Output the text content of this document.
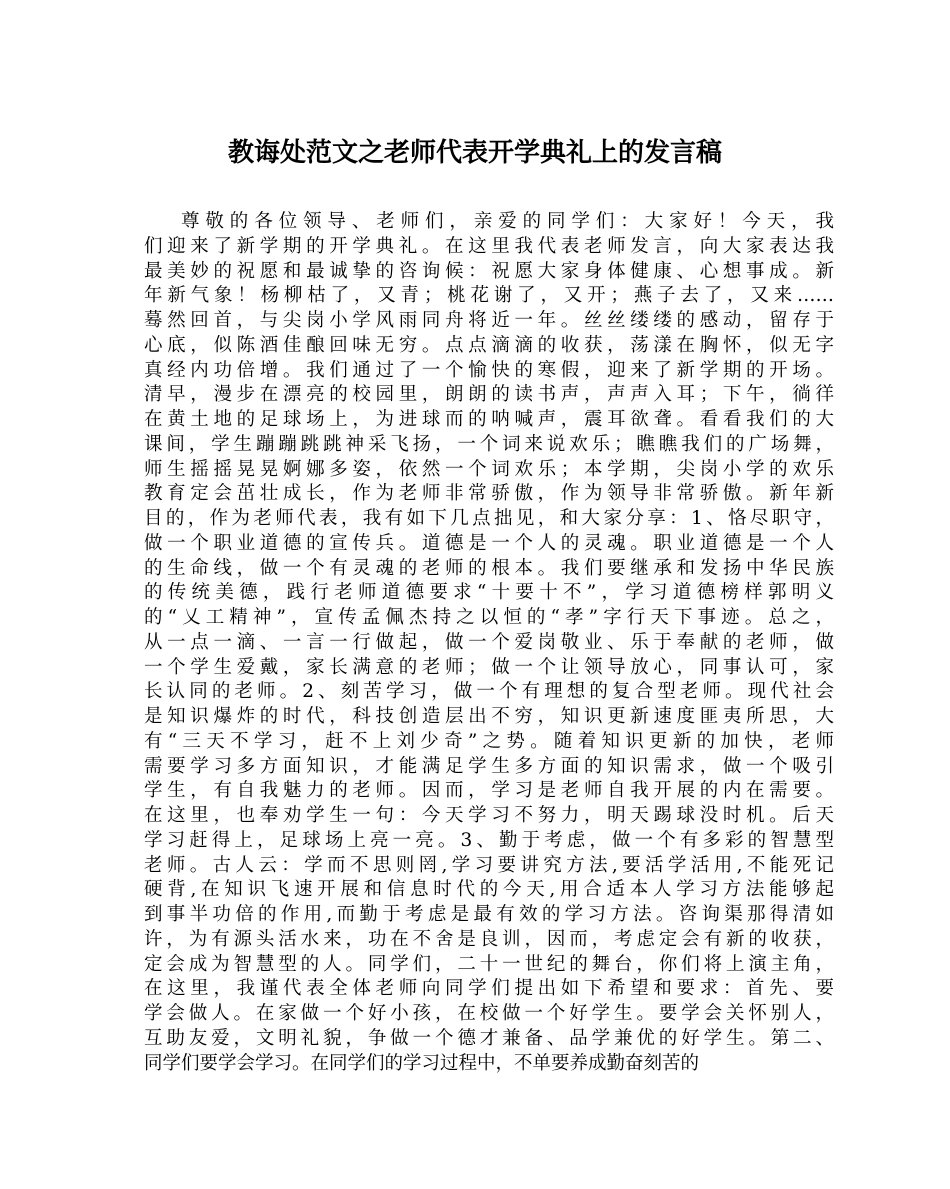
教诲处范文之老师代表开学典礼上的发言稿
尊敬的各位领导、老师们，亲爱的同学们：大家好！今天，我
们迎来了新学期的开学典礼。在这里我代表老师发言，向大家表达我
最美妙的祝愿和最诚挚的咨询候：祝愿大家身体健康、心想事成。新
年新气象！杨柳枯了，又青；桃花谢了，又开；燕子去了，又来……
蓦然回首，与尖岗小学风雨同舟将近一年。丝丝缕缕的感动，留存于
心底，似陈酒佳酿回味无穷。点点滴滴的收获，荡漾在胸怀，似无字
真经内功倍增。我们通过了一个愉快的寒假，迎来了新学期的开场。
清早，漫步在漂亮的校园里，朗朗的读书声，声声入耳；下午，徜徉
在黄土地的足球场上，为进球而的呐喊声，震耳欲聋。看看我们的大
课间，学生蹦蹦跳跳神采飞扬，一个词来说欢乐；瞧瞧我们的广场舞，
师生摇摇晃晃婀娜多姿，依然一个词欢乐；本学期，尖岗小学的欢乐
教育定会茁壮成长，作为老师非常骄傲，作为领导非常骄傲。新年新
目的，作为老师代表，我有如下几点拙见，和大家分享：1、恪尽职守，
做一个职业道德的宣传兵。道德是一个人的灵魂。职业道德是一个人
的生命线，做一个有灵魂的老师的根本。我们要继承和发扬中华民族
的传统美德，践行老师道德要求“十要十不”，学习道德榜样郭明义
的“乂工精神”，宣传孟佩杰持之以恒的“孝”字行天下事迹。总之，
从一点一滴、一言一行做起，做一个爱岗敬业、乐于奉献的老师，做
一个学生爱戴，家长满意的老师；做一个让领导放心，同事认可，家
长认同的老师。2、刻苦学习，做一个有理想的复合型老师。现代社会
是知识爆炸的时代，科技创造层出不穷，知识更新速度匪夷所思，大
有“三天不学习，赶不上刘少奇”之势。随着知识更新的加快，老师
需要学习多方面知识，才能满足学生多方面的知识需求，做一个吸引
学生，有自我魅力的老师。因而，学习是老师自我开展的内在需要。
在这里，也奉劝学生一句：今天学习不努力，明天踢球没时机。后天
学习赶得上，足球场上亮一亮。3、勤于考虑，做一个有多彩的智慧型
老师。古人云：学而不思则罔,学习要讲究方法,要活学活用,不能死记
硬背,在知识飞速开展和信息时代的今天,用合适本人学习方法能够起
到事半功倍的作用,而勤于考虑是最有效的学习方法。咨询渠那得清如
许，为有源头活水来，功在不舍是良训，因而，考虑定会有新的收获，
定会成为智慧型的人。同学们，二十一世纪的舞台，你们将上演主角，
在这里，我谨代表全体老师向同学们提出如下希望和要求：首先、要
学会做人。在家做一个好小孩，在校做一个好学生。要学会关怀别人，
互助友爱，文明礼貌，争做一个德才兼备、品学兼优的好学生。第二、
同学们要学会学习。在同学们的学习过程中，不单要养成勤奋刻苦的
